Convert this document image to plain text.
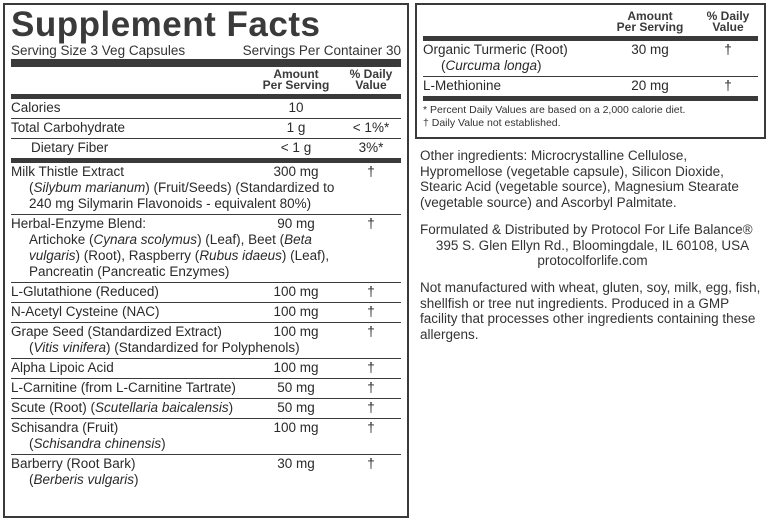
Supplement Facts
Serving Size 3 Veg Capsules	Servings Per Container 30
Amount
Per Serving
% Daily
Value
Calories	10
Total Carbohydrate	1 g	< 1%*
Dietary Fiber	< 1 g	3%*
Milk Thistle Extract	300 mg	†
(Silybum marianum) (Fruit/Seeds) (Standardized to
240 mg Silymarin Flavonoids - equivalent 80%)
Herbal-Enzyme Blend:	90 mg	†
Artichoke (Cynara scolymus) (Leaf), Beet (Beta
vulgaris) (Root), Raspberry (Rubus idaeus) (Leaf),
Pancreatin (Pancreatic Enzymes)
L-Glutathione (Reduced)	100 mg	†
N-Acetyl Cysteine (NAC)	100 mg	†
Grape Seed (Standardized Extract)	100 mg	†
(Vitis vinifera) (Standardized for Polyphenols)
Alpha Lipoic Acid	100 mg	†
L-Carnitine (from L-Carnitine Tartrate)	50 mg	†
Scute (Root) (Scutellaria baicalensis)	50 mg	†
Schisandra (Fruit)	100 mg	†
(Schisandra chinensis)
Barberry (Root Bark)	30 mg	†
(Berberis vulgaris)
Amount
Per Serving
% Daily
Value
Organic Turmeric (Root)	30 mg	†
(Curcuma longa)
L-Methionine	20 mg	†
* Percent Daily Values are based on a 2,000 calorie diet.
† Daily Value not established.
Other ingredients: Microcrystalline Cellulose, Hypromellose (vegetable capsule), Silicon Dioxide, Stearic Acid (vegetable source), Magnesium Stearate (vegetable source) and Ascorbyl Palmitate.
Formulated & Distributed by Protocol For Life Balance®
395 S. Glen Ellyn Rd., Bloomingdale, IL 60108, USA
protocolforlife.com
Not manufactured with wheat, gluten, soy, milk, egg, fish, shellfish or tree nut ingredients. Produced in a GMP facility that processes other ingredients containing these allergens.
